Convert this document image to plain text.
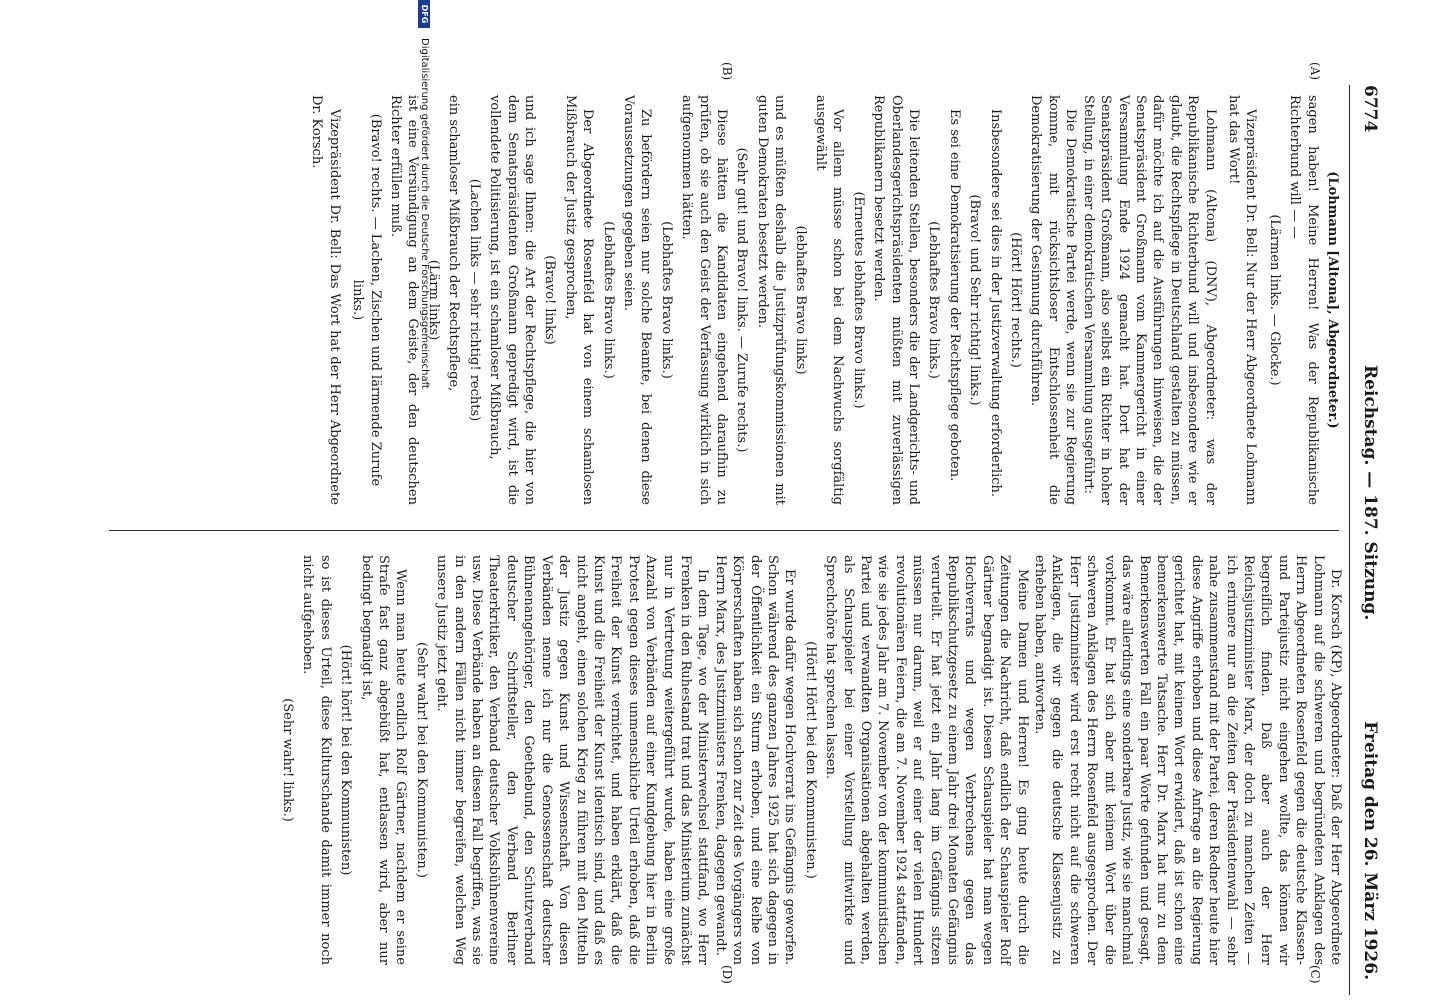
6774
Reichstag. — 187. Sitzung.
Freitag den 26. März 1926.
(A)
(B)
(C)
(D)

(Lohmann [Altona], Abgeordneter.)

sagen haben! Meine Herren! Was der Republikanische Richterbund will — —

(Lärmen links. — Glocke.)

Vizepräsident Dr. Bell: Nur der Herr Abgeordnete Lohmann hat das Wort!

Lohmann (Altona) (DNV), Abgeordneter: was der Republikanische Richterbund will und insbesondere wie er glaubt, die Rechtspflege in Deutschland gestalten zu müssen, dafür möchte ich auf die Ausführungen hinweisen, die der Senatspräsident Großmann vom Kammergericht in einer Versammlung Ende 1924 gemacht hat. Dort hat der Senatspräsident Großmann, also selbst ein Richter in hoher Stellung, in einer demokratischen Versammlung ausgeführt:

Die Demokratische Partei werde, wenn sie zur Regierung komme, mit rücksichtsloser Entschlossenheit die Demokratisierung der Gesinnung durchführen.

(Hört! Hört! rechts.)

Insbesondere sei dies in der Justizverwaltung erforderlich.

(Bravo! und Sehr richtig! links.)

Es sei eine Demokratisierung der Rechtspflege geboten.

(Lebhaftes Bravo links.)

Die leitenden Stellen, besonders die der Landgerichts- und Oberlandesgerichtspräsidenten müßten mit zuverlässigen Republikanern besetzt werden.

(Erneutes lebhaftes Bravo links.)

Vor allem müsse schon bei dem Nachwuchs sorgfältig ausgewählt

(lebhaftes Bravo links)

und es müßten deshalb die Justizprüfungskommissionen mit guten Demokraten besetzt werden.

(Sehr gut! und Bravo! links. — Zurufe rechts.)

Diese hätten die Kandidaten eingehend daraufhin zu prüfen, ob sie auch den Geist der Verfassung wirklich in sich aufgenommen hätten.

(Lebhaftes Bravo links.)

Zu befördern seien nur solche Beamte, bei denen diese Voraussetzungen gegeben seien.

(Lebhaftes Bravo links.)

Der Abgeordnete Rosenfeld hat von einem schamlosen Mißbrauch der Justiz gesprochen,

(Bravo! links)

und ich sage Ihnen: die Art der Rechtspflege, die hier von dem Senatspräsidenten Großmann gepredigt wird, ist die vollendete Politisierung, ist ein schamloser Mißbrauch,

(Lachen links — sehr richtig! rechts)

ein schamloser Mißbrauch der Rechtspflege,

(Lärm links)

ist eine Versündigung an dem Geiste, der den deutschen Richter erfüllen muß.

(Bravo! rechts. — Lachen, Zischen und lärmende Zurufe links.)

Vizepräsident Dr. Bell: Das Wort hat der Herr Abgeordnete Dr. Korsch.

Dr. Korsch (KP), Abgeordneter: Daß der Herr Abgeordnete Lohmann auf die schweren und begründeten Anklagen des Herrn Abgeordneten Rosenfeld gegen die deutsche Klassen- und Parteijustiz nicht eingehen wollte, das können wir begreiflich finden. Daß aber auch der Herr Reichsjustizminister Marx, der doch zu manchen Zeiten — ich erinnere nur an die Zeiten der Präsidentenwahl — sehr nahe zusammenstand mit der Partei, deren Redner heute hier diese Angriffe erhoben und diese Anfrage an die Regierung gerichtet hat, mit keinem Wort erwidert, daß ist schon eine bemerkenswerte Tatsache. Herr Dr. Marx hat nur zu dem Bemerkenswerten Fall ein paar Worte gefunden und gesagt, das wäre allerdings eine sonderbare Justiz, wie sie manchmal vorkommt. Er hat sich aber mit keinem Wort über die schweren Anklagen des Herrn Rosenfeld ausgesprochen. Der Herr Justizminister wird erst recht nicht auf die schweren Anklagen, die wir gegen die deutsche Klassenjustiz zu erheben haben, antworten.

Meine Damen und Herren! Es ging heute durch die Zeitungen die Nachricht, daß endlich der Schauspieler Rolf Gärtner begnadigt ist. Diesen Schauspieler hat man wegen Hochverrats und wegen Verbrechens gegen das Republikschutzgesetz zu einem Jahr drei Monaten Gefängnis verurteilt. Er hat jetzt ein Jahr lang im Gefängnis sitzen müssen nur darum, weil er auf einer der vielen Hundert revolutionären Feiern, die am 7. November 1924 stattfanden, wie sie jedes Jahr am 7. November von der kommunistischen Partei und verwandten Organisationen abgehalten werden, als Schauspieler bei einer Vorstellung mitwirkte und Sprechchöre hat sprechen lassen.

(Hört! Hört! bei den Kommunisten.)

Er wurde dafür wegen Hochverrat ins Gefängnis geworfen. Schon während des ganzen Jahres 1925 hat sich dagegen in der Öffentlichkeit ein Sturm erhoben, und eine Reihe von Körperschaften haben sich schon zur Zeit des Vorgängers von Herrn Marx, des Justizministers Frenken, dagegen gewandt.

In dem Tage, wo der Ministerwechsel stattfand, wo Herr Frenken in den Ruhestand trat und das Ministerium zunächst nur in Vertretung weitergeführt wurde, haben eine große Anzahl von Verbänden auf einer Kundgebung hier in Berlin Protest gegen dieses unmenschliche Urteil erhoben, daß die Freiheit der Kunst vernichtet, und haben erklärt, daß die Kunst und die Freiheit der Kunst identisch sind, und daß es nicht angeht, einen solchen Krieg zu führen mit den Mitteln der Justiz gegen Kunst und Wissenschaft. Von diesen Verbänden nenne ich nur die Genossenschaft deutscher Bühnenangehöriger, den Goethebund, den Schutzverband deutscher Schriftsteller, den Verband Berliner Theaterkritiker, den Verband deutscher Volksbühnenvereine usw. Diese Verbände haben an diesem Fall begriffen, was sie in den andern Fällen nicht immer begreifen, welchen Weg unsere Justiz jetzt geht.

(Sehr wahr! bei den Kommunisten.)

Wenn man heute endlich Rolf Gärtner, nachdem er seine Strafe fast ganz abgebüßt hat, entlassen wird, aber nur bedingt begnadigt ist,

(Hört! hört! bei den Kommunisten)

so ist dieses Urteil, diese Kulturschande damit immer noch nicht aufgehoben.

(Sehr wahr! links.)

DFG
Digitalisierung gefördert durch die Deutsche Forschungsgemeinschaft
